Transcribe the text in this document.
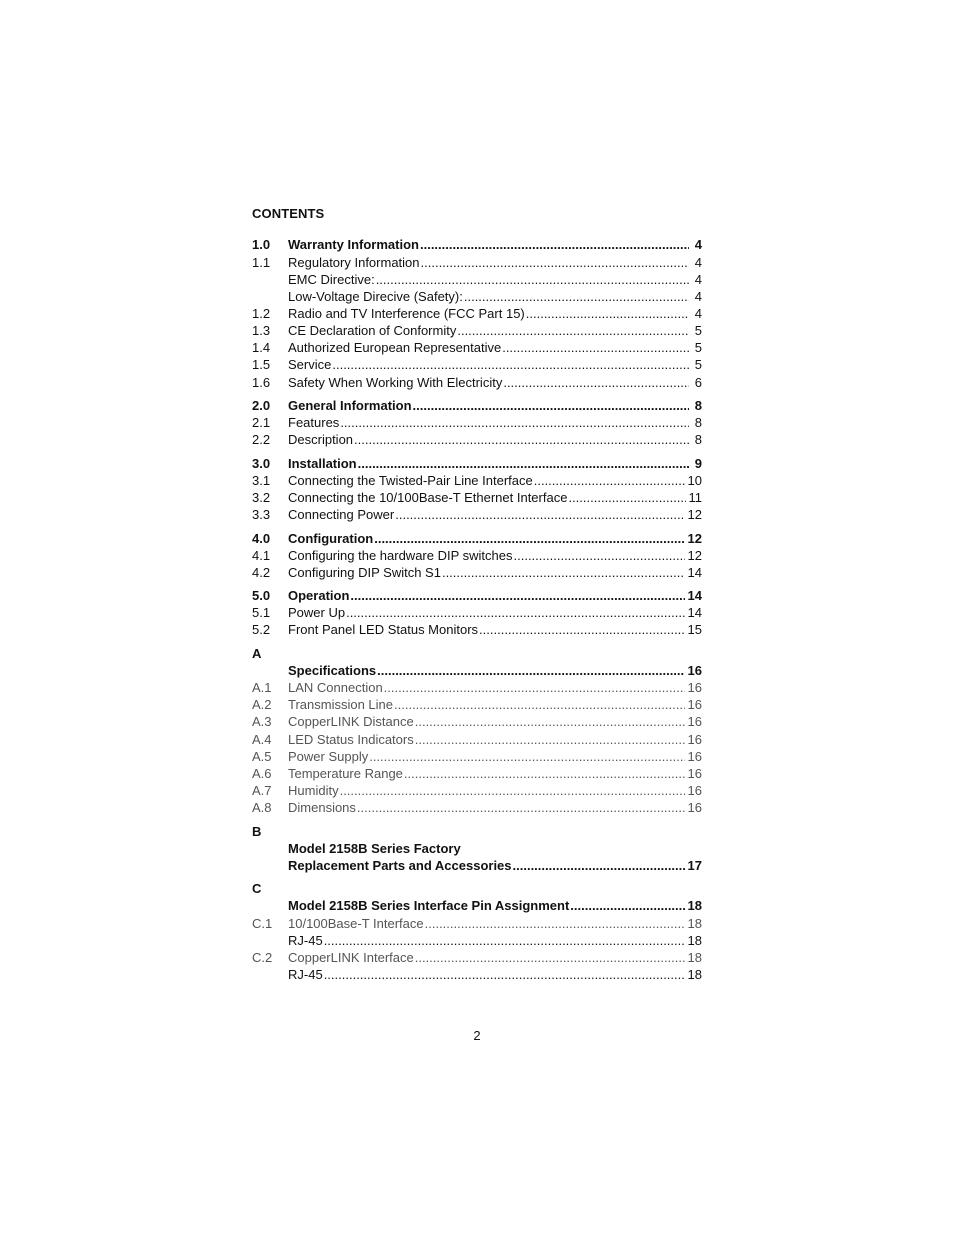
CONTENTS
1.0	Warranty Information .....	4
1.1	Regulatory Information .....	4
EMC Directive: .....	4
Low-Voltage Direcive (Safety): .....	4
1.2	Radio and TV Interference (FCC Part 15) .....	4
1.3	CE Declaration of Conformity .....	5
1.4	Authorized European Representative .....	5
1.5	Service .....	5
1.6	Safety When Working With Electricity .....	6
2.0	General Information .....	8
2.1	Features .....	8
2.2	Description .....	8
3.0	Installation .....	9
3.1	Connecting the Twisted-Pair Line Interface .....	10
3.2	Connecting the 10/100Base-T Ethernet Interface .....	11
3.3	Connecting Power .....	12
4.0	Configuration .....	12
4.1	Configuring the hardware DIP switches .....	12
4.2	Configuring DIP Switch S1 .....	14
5.0	Operation .....	14
5.1	Power Up .....	14
5.2	Front Panel LED Status Monitors .....	15
A
Specifications .....	16
A.1	LAN Connection .....	16
A.2	Transmission Line .....	16
A.3	CopperLINK Distance .....	16
A.4	LED Status Indicators .....	16
A.5	Power Supply .....	16
A.6	Temperature Range .....	16
A.7	Humidity .....	16
A.8	Dimensions .....	16
B
Model 2158B Series Factory
Replacement Parts and Accessories .....	17
C
Model 2158B Series Interface Pin Assignment .....	18
C.1	10/100Base-T Interface .....	18
RJ-45 .....	18
C.2	CopperLINK Interface .....	18
RJ-45 .....	18
2
